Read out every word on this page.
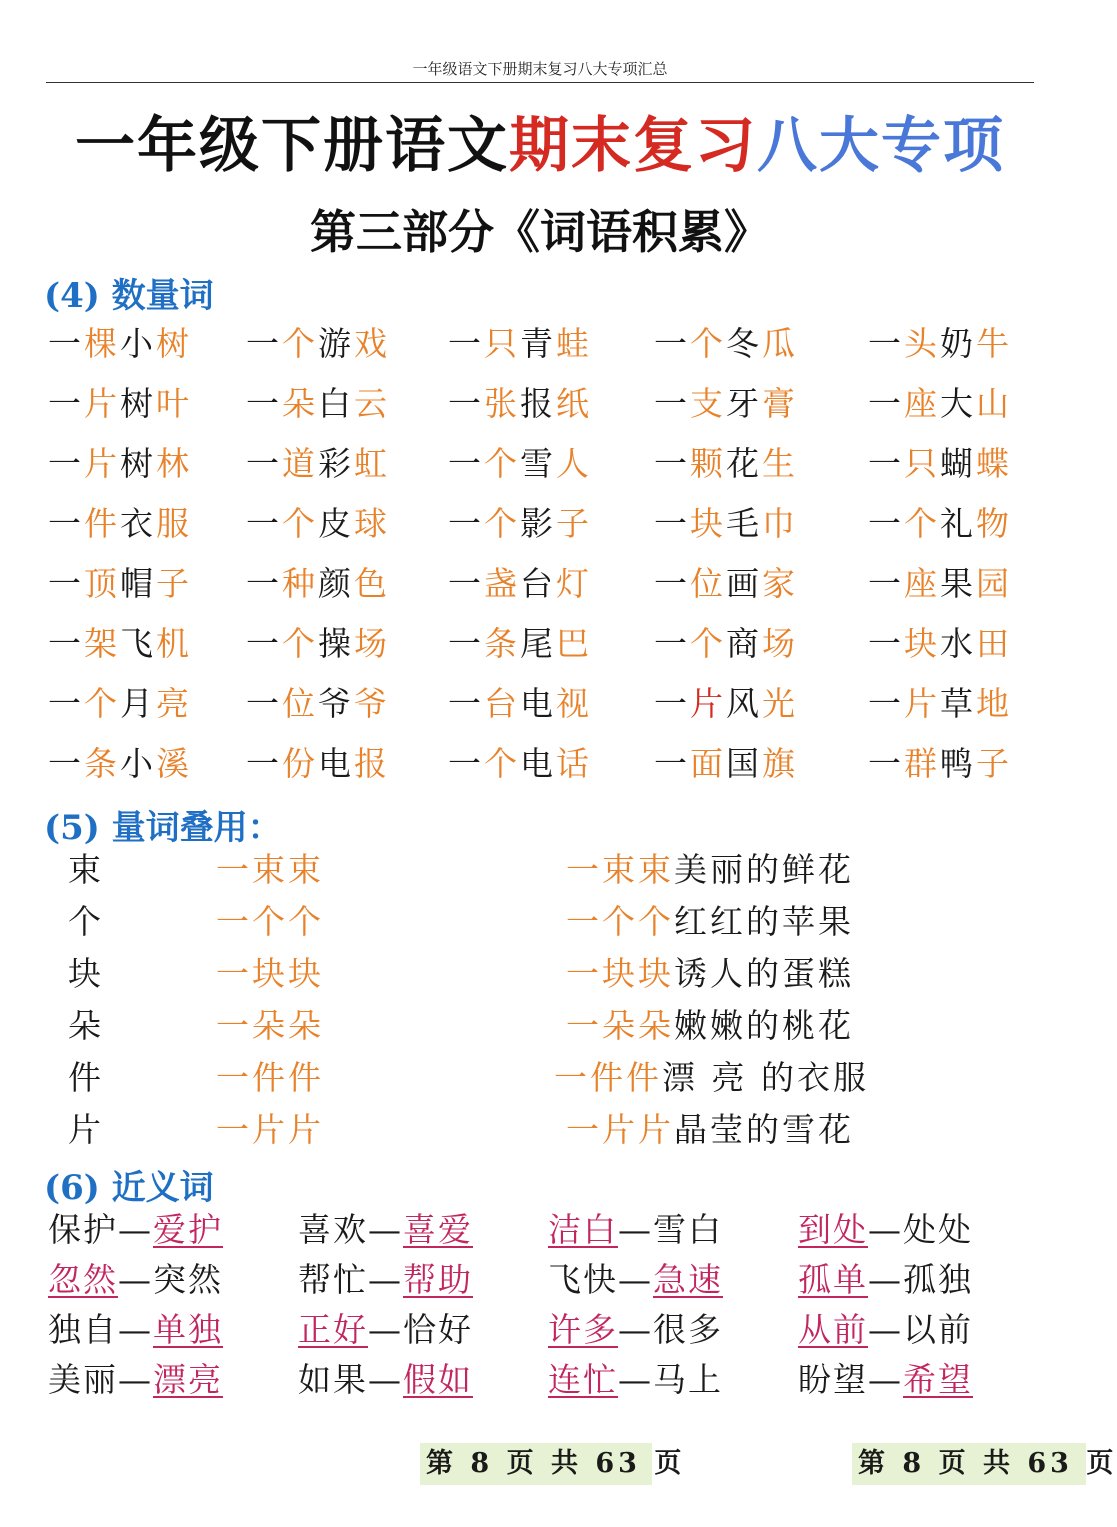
一年级语文下册期末复习八大专项汇总
一年级下册语文期末复习八大专项
第三部分《词语积累》
(4) 数量词
一棵小树 一个游戏 一只青蛙 一个冬瓜 一头奶牛
一片树叶 一朵白云 一张报纸 一支牙膏 一座大山
一片树林 一道彩虹 一个雪人 一颗花生 一只蝴蝶
一件衣服 一个皮球 一个影子 一块毛巾 一个礼物
一顶帽子 一种颜色 一盏台灯 一位画家 一座果园
一架飞机 一个操场 一条尾巴 一个商场 一块水田
一个月亮 一位爷爷 一台电视 一片风光 一片草地
一条小溪 一份电报 一个电话 一面国旗 一群鸭子
(5) 量词叠用：
束	一束束	一束束美丽的鲜花
个	一个个	一个个红红的苹果
块	一块块	一块块诱人的蛋糕
朵	一朵朵	一朵朵嫩嫩的桃花
件	一件件	一件件漂 亮 的衣服
片	一片片	一片片晶莹的雪花
(6) 近义词
保护—爱护 喜欢—喜爱 洁白—雪白 到处—处处
忽然—突然 帮忙—帮助 飞快—急速 孤单—孤独
独自—单独 正好—恰好 许多—很多 从前—以前
美丽—漂亮 如果—假如 连忙—马上 盼望—希望
第 8 页 共 63 页	第 8 页 共 63 页
